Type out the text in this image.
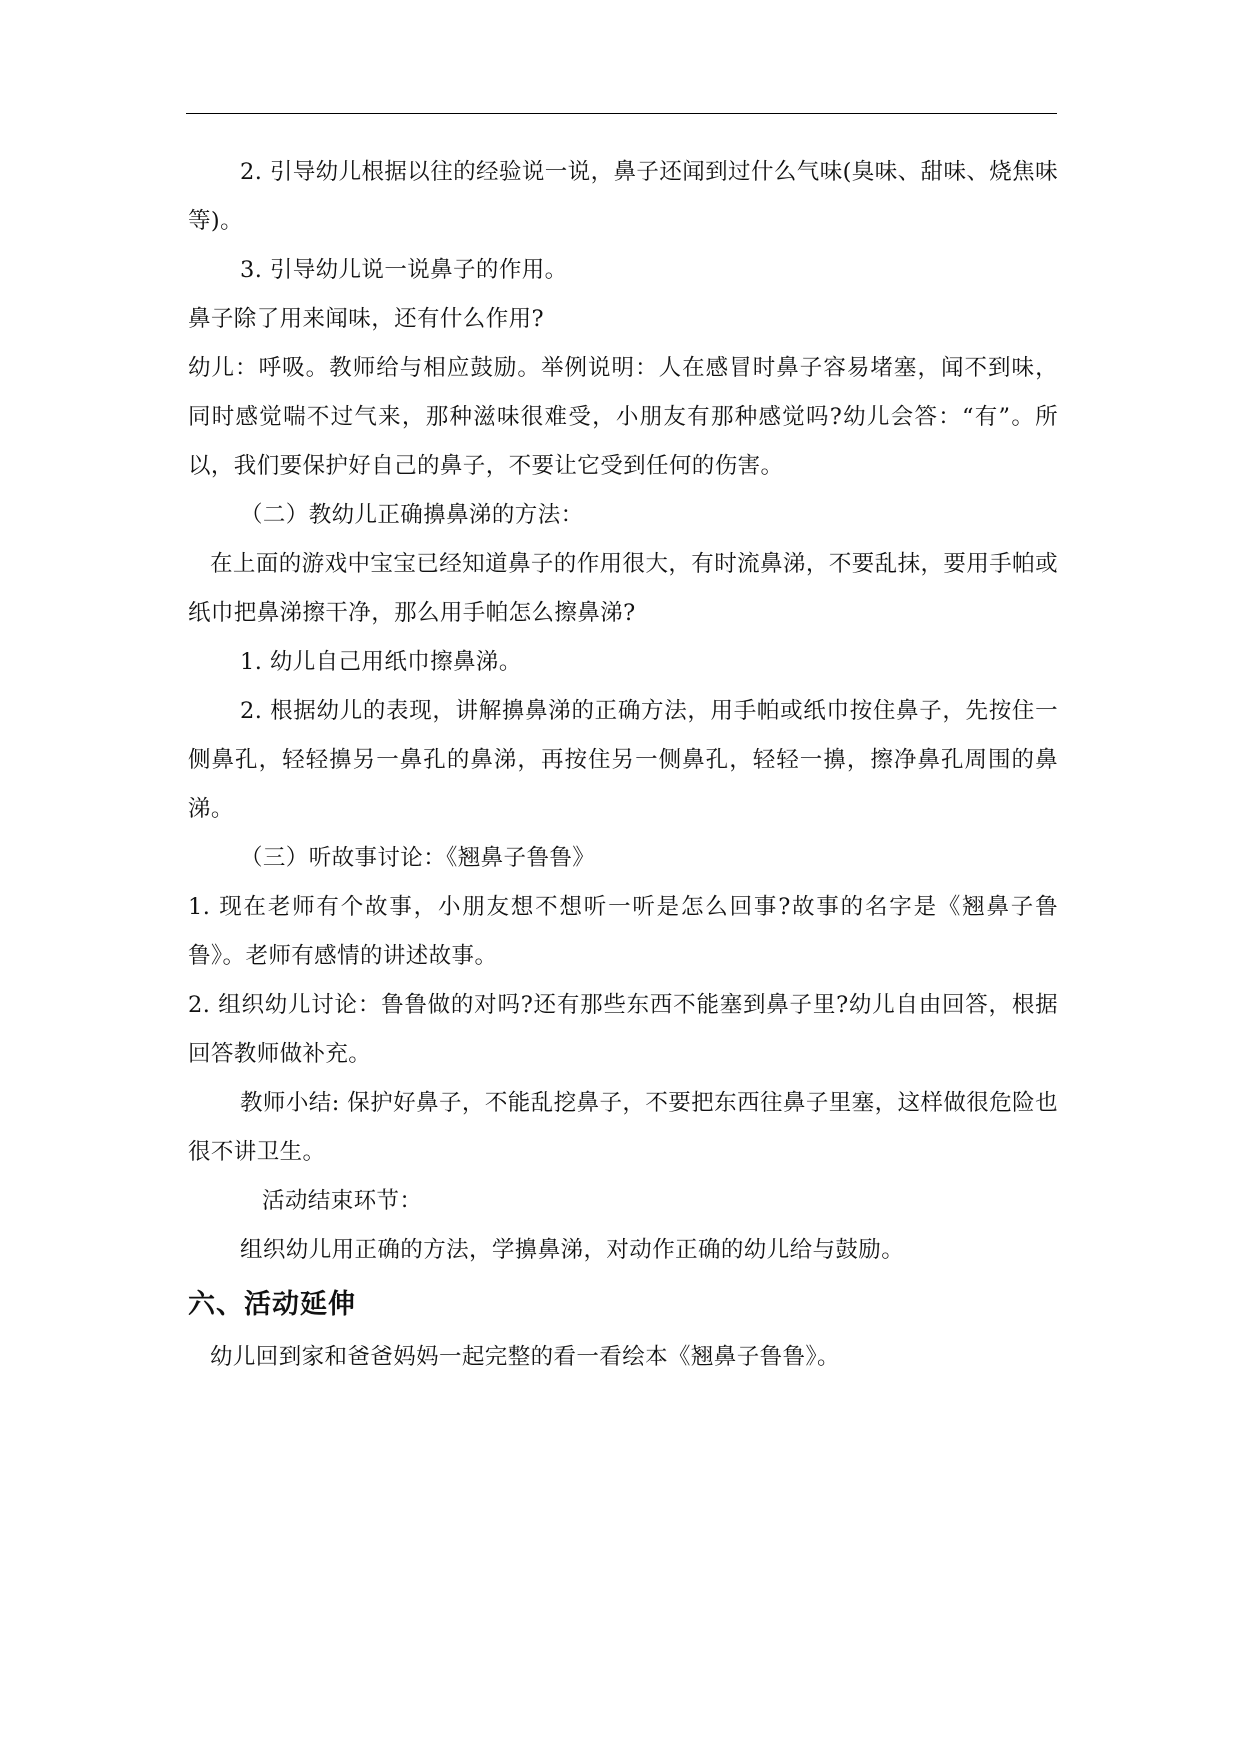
2. 引导幼儿根据以往的经验说一说，鼻子还闻到过什么气味(臭味、甜味、烧焦味等)。

3. 引导幼儿说一说鼻子的作用。

鼻子除了用来闻味，还有什么作用?

幼儿：呼吸。教师给与相应鼓励。举例说明：人在感冒时鼻子容易堵塞，闻不到味，同时感觉喘不过气来，那种滋味很难受，小朋友有那种感觉吗?幼儿会答：“有”。所以，我们要保护好自己的鼻子，不要让它受到任何的伤害。

（二）教幼儿正确擤鼻涕的方法：

在上面的游戏中宝宝已经知道鼻子的作用很大，有时流鼻涕，不要乱抹，要用手帕或纸巾把鼻涕擦干净，那么用手帕怎么擦鼻涕?

1. 幼儿自己用纸巾擦鼻涕。

2. 根据幼儿的表现，讲解擤鼻涕的正确方法，用手帕或纸巾按住鼻子，先按住一侧鼻孔，轻轻擤另一鼻孔的鼻涕，再按住另一侧鼻孔，轻轻一擤，擦净鼻孔周围的鼻涕。

（三）听故事讨论：《翘鼻子鲁鲁》

1. 现在老师有个故事，小朋友想不想听一听是怎么回事?故事的名字是《翘鼻子鲁鲁》。老师有感情的讲述故事。

2. 组织幼儿讨论：鲁鲁做的对吗?还有那些东西不能塞到鼻子里?幼儿自由回答，根据回答教师做补充。

教师小结: 保护好鼻子，不能乱挖鼻子，不要把东西往鼻子里塞，这样做很危险也很不讲卫生。

活动结束环节：

组织幼儿用正确的方法，学擤鼻涕，对动作正确的幼儿给与鼓励。

六、活动延伸

幼儿回到家和爸爸妈妈一起完整的看一看绘本《翘鼻子鲁鲁》。
